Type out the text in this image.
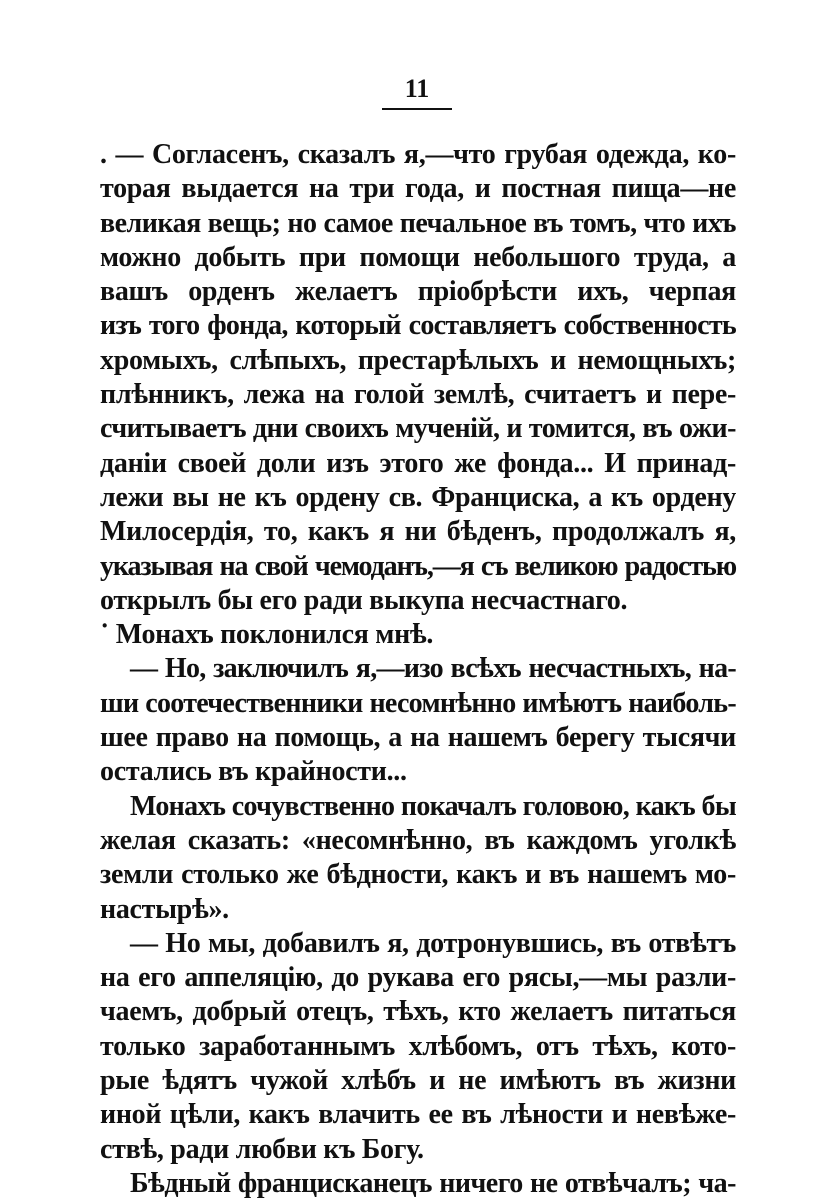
11
. — Согласенъ, сказалъ я,—что грубая одежда, ко-
торая выдается на три года, и постная пища—не
великая вещь; но самое печальное въ томъ, что ихъ
можно добыть при помощи небольшого труда, а
вашъ орденъ желаетъ пріобрѣсти ихъ, черпая
изъ того фонда, который составляетъ собственность
хромыхъ, слѣпыхъ, престарѣлыхъ и немощныхъ;
плѣнникъ, лежа на голой землѣ, считаетъ и пере-
считываетъ дни своихъ мученій, и томится, въ ожи-
даніи своей доли изъ этого же фонда... И принад-
лежи вы не къ ордену св. Франциска, а къ ордену
Милосердія, то, какъ я ни бѣденъ, продолжалъ я,
указывая на свой чемоданъ,—я съ великою радостью
открылъ бы его ради выкупа несчастнаго.
˙ Монахъ поклонился мнѣ.
— Но, заключилъ я,—изо всѣхъ несчастныхъ, на-
ши соотечественники несомнѣнно имѣютъ наиболь-
шее право на помощь, а на нашемъ берегу тысячи
остались въ крайности...
Монахъ сочувственно покачалъ головою, какъ бы
желая сказать: «несомнѣнно, въ каждомъ уголкѣ
земли столько же бѣдности, какъ и въ нашемъ мо-
настырѣ».
— Но мы, добавилъ я, дотронувшись, въ отвѣтъ
на его аппеляцію, до рукава его рясы,—мы разли-
чаемъ, добрый отецъ, тѣхъ, кто желаетъ питаться
только заработаннымъ хлѣбомъ, отъ тѣхъ, кото-
рые ѣдятъ чужой хлѣбъ и не имѣютъ въ жизни
иной цѣли, какъ влачить ее въ лѣности и невѣже-
ствѣ, ради любви къ Богу.
Бѣдный францисканецъ ничего не отвѣчалъ; ча-
